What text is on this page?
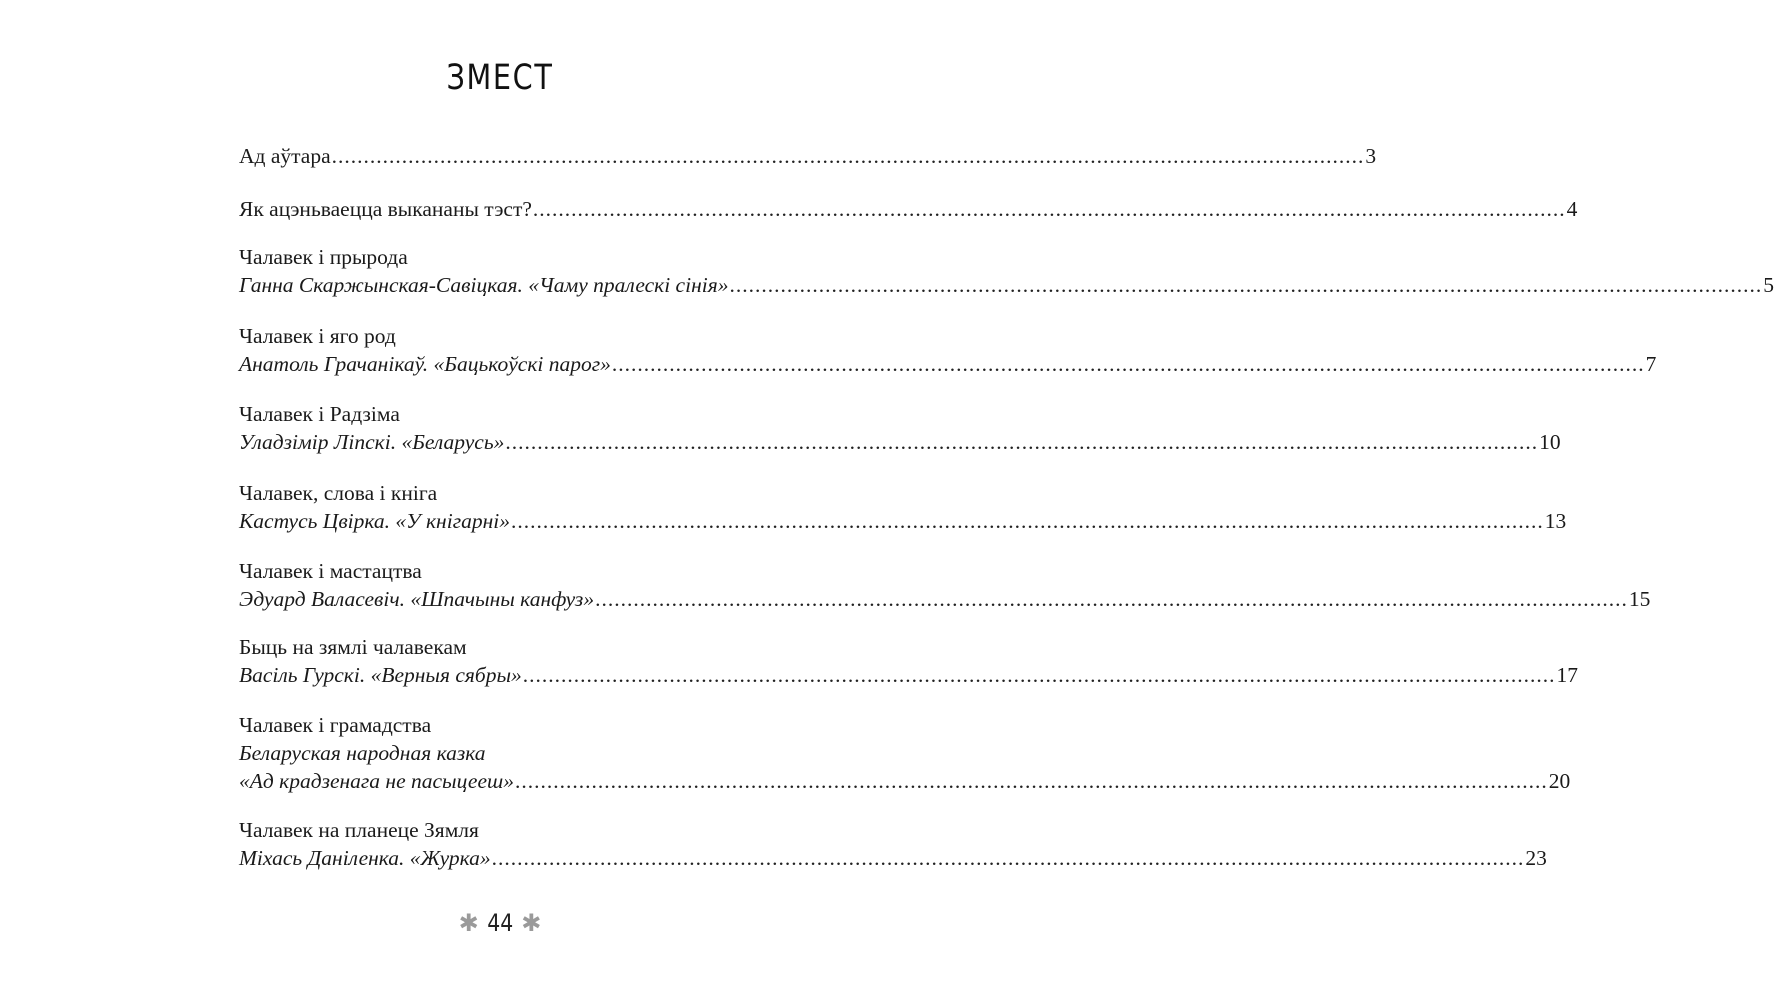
ЗМЕСТ
Ад аўтара .................................................................................................................................................................. 3
Як ацэньваецца выкананы тэст? .................................................................................................................................................................. 4
Чалавек і прырода
Ганна Скаржынская-Савіцкая. «Чаму пралескі сінія» .................................................................................................................................................................. 5
Чалавек і яго род
Анатоль Грачанікаў. «Бацькоўскі парог» .................................................................................................................................................................. 7
Чалавек і Радзіма
Уладзімір Ліпскі. «Беларусь» .................................................................................................................................................................. 10
Чалавек, слова і кніга
Кастусь Цвірка. «У кнігарні» .................................................................................................................................................................. 13
Чалавек і мастацтва
Эдуард Валасевіч. «Шпачыны канфуз» .................................................................................................................................................................. 15
Быць на зямлі чалавекам
Васіль Гурскі. «Верныя сябры» .................................................................................................................................................................. 17
Чалавек і грамадства
Беларуская народная казка
«Ад крадзенага не пасыцееш» .................................................................................................................................................................. 20
Чалавек на планеце Зямля
Міхась Даніленка. «Журка» .................................................................................................................................................................. 23
✱ 44 ✱
